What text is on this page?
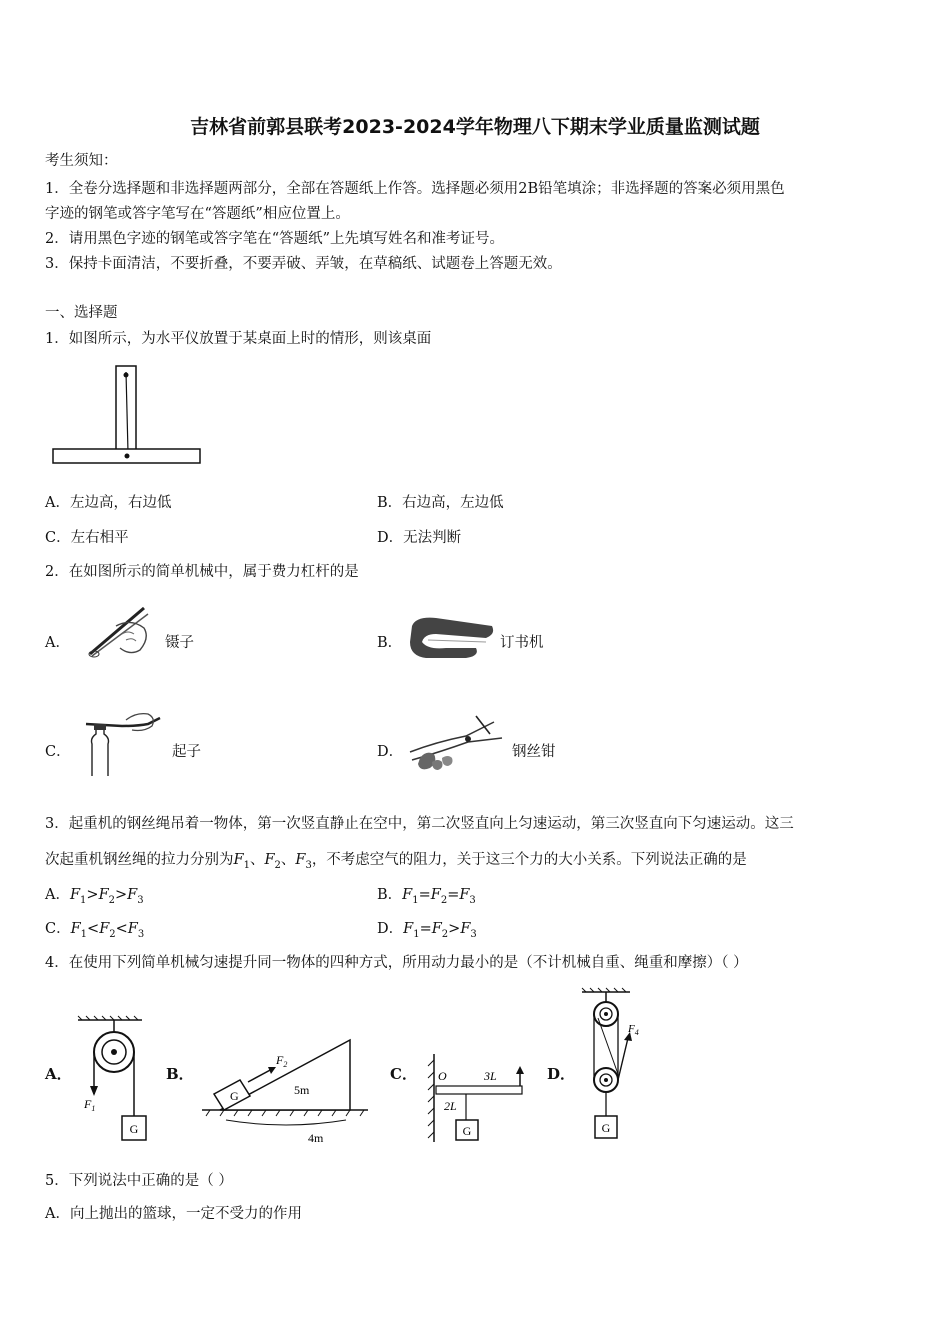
吉林省前郭县联考2023-2024学年物理八下期末学业质量监测试题
考生须知：
1．全卷分选择题和非选择题两部分，全部在答题纸上作答。选择题必须用2B铅笔填涂；非选择题的答案必须用黑色
字迹的钢笔或答字笔写在“答题纸”相应位置上。
2．请用黑色字迹的钢笔或答字笔在“答题纸”上先填写姓名和准考证号。
3．保持卡面清洁，不要折叠，不要弄破、弄皱，在草稿纸、试题卷上答题无效。
一、选择题
1．如图所示，为水平仪放置于某桌面上时的情形，则该桌面
A．左边高，右边低	B．右边高，左边低
C．左右相平	D．无法判断
2．在如图所示的简单机械中，属于费力杠杆的是
A．	镊子	B．	订书机
C．	起子	D．	钢丝钳
3．起重机的钢丝绳吊着一物体，第一次竖直静止在空中，第二次竖直向上匀速运动，第三次竖直向下匀速运动。这三
次起重机钢丝绳的拉力分别为$F_1$、$F_2$、$F_3$，不考虑空气的阻力，关于这三个力的大小关系。下列说法正确的是
A．$F_1>F_2>F_3$	B．$F_1=F_2=F_3$
C．$F_1<F_2<F_3$	D．$F_1=F_2>F_3$
4．在使用下列简单机械匀速提升同一物体的四种方式，所用动力最小的是（不计机械自重、绳重和摩擦）（ ）
A．
G
$F_1$
B．
G
$F_2$
5m
4m
C．
G
O	3L
2L
D．
$F_4$
G
5．下列说法中正确的是（ ）
A．向上抛出的篮球，一定不受力的作用
